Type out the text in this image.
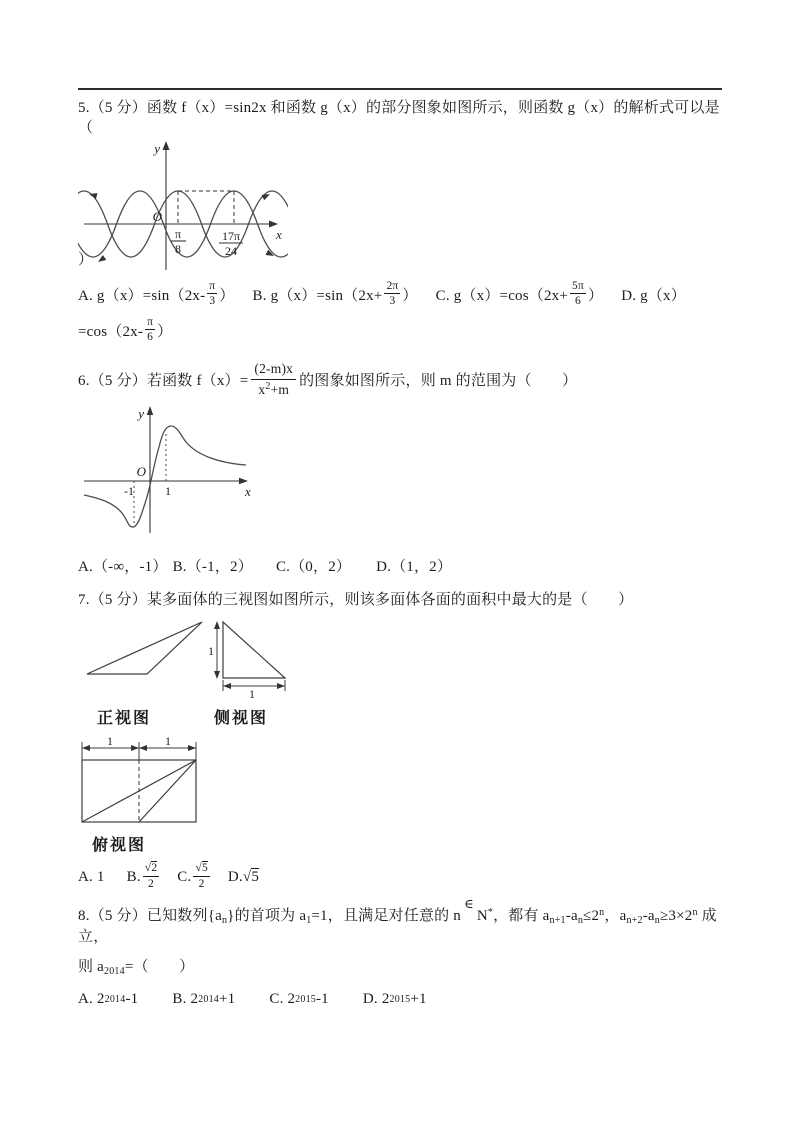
5.（5 分）函数 f（x）=sin2x 和函数 g（x）的部分图象如图所示，则函数 g（x）的解析式可以是（
y
x
O
π
8
17π
24
）
A. $g(x)=\sin(2x- \frac{\pi}{3}$ ） B. $g(x)=\sin(2x+ \frac{2\pi}{3}$ ） C. $g(x)=\cos(2x+ \frac{5\pi}{6}$ ） D. g（x）
$=\cos(2x- \frac{\pi}{6}$ ）
6.（5 分）若函数 $f(x)= \frac{(2-m)x}{x^2+m}$ 的图象如图所示，则 m 的范围为（　　）
y
x
O
-1	1
A.（-∞，-1） B.（-1，2） C.（0，2） D.（1，2）
7.（5 分）某多面体的三视图如图所示，则该多面体各面的面积中最大的是（　　）
正视图
1
1
侧视图
1	1
俯视图
A. 1 B. $\frac{√2}{2} C$. $\frac{√5}{2} D$. √ 5
8.（5 分）已知数列$\{a_n\}$的首项为 $a_1=1$，且满足对任意的 n∈N*，都有 $a_{n+1}-a_n\le 2^n$，$a_{n+2}-a_n\ge 3\times 2^n$ 成立，
则 $a_{2014}=$（　　）
A. 2 2014 -1 B. 2 2014 +1 C. 2 2015 -1 D. 2 2015 +1
